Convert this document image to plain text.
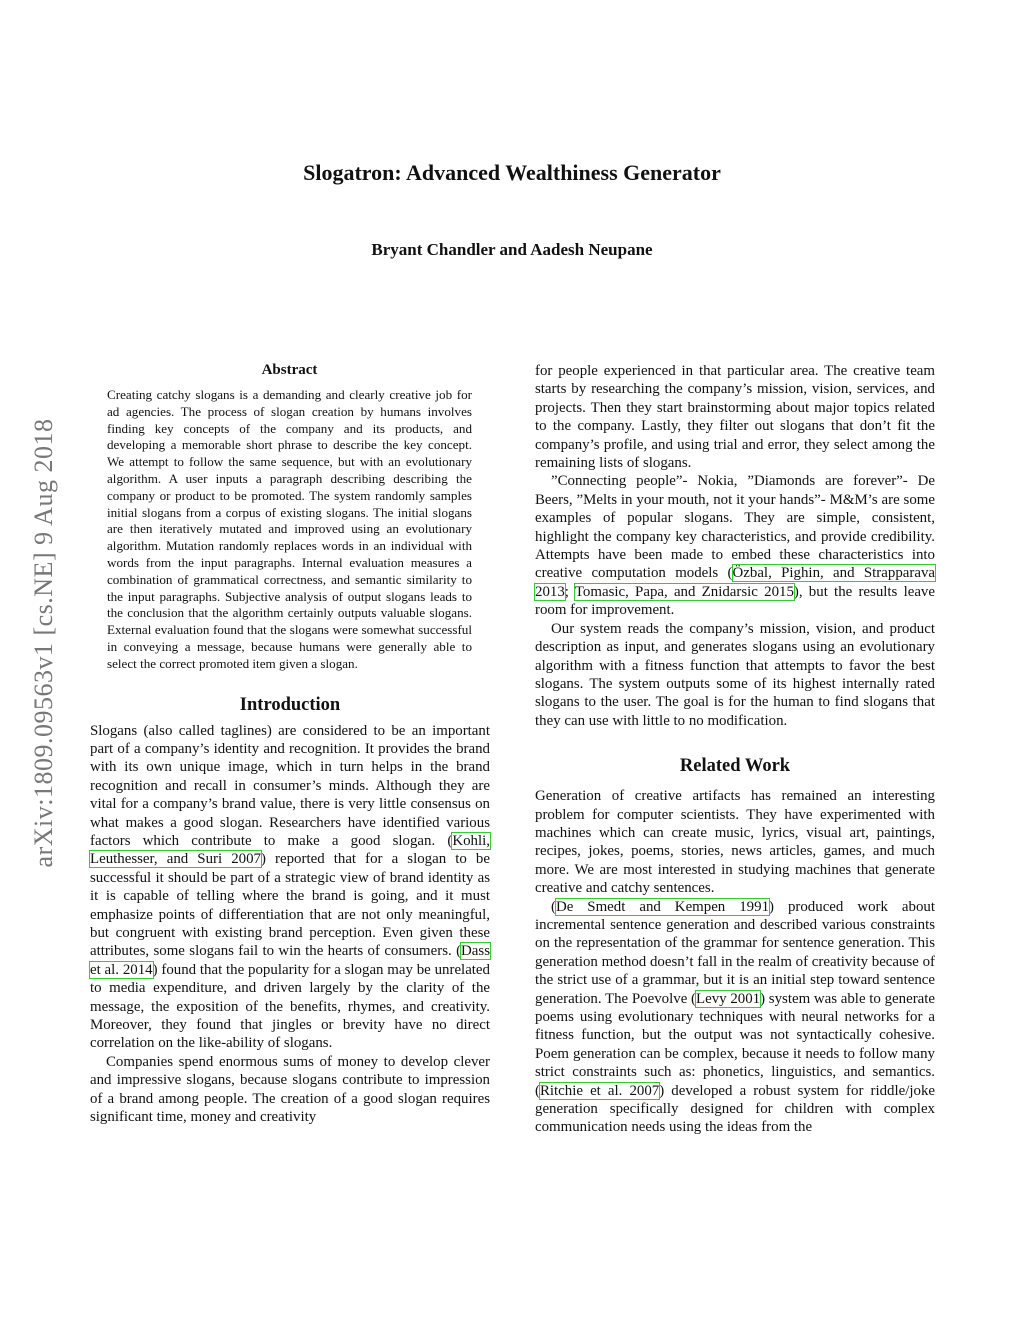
Slogatron: Advanced Wealthiness Generator
Bryant Chandler and Aadesh Neupane
arXiv:1809.09563v1 [cs.NE] 9 Aug 2018
Abstract

Creating catchy slogans is a demanding and clearly creative job for ad agencies. The process of slogan creation by humans involves finding key concepts of the company and its products, and developing a memorable short phrase to describe the key concept. We attempt to follow the same sequence, but with an evolutionary algorithm. A user inputs a paragraph describing describing the company or product to be promoted. The system randomly samples initial slogans from a corpus of existing slogans. The initial slogans are then iteratively mutated and improved using an evolutionary algorithm. Mutation randomly replaces words in an individual with words from the input paragraphs. Internal evaluation measures a combination of grammatical correctness, and semantic similarity to the input paragraphs. Subjective analysis of output slogans leads to the conclusion that the algorithm certainly outputs valuable slogans. External evaluation found that the slogans were somewhat successful in conveying a message, because humans were generally able to select the correct promoted item given a slogan.

Introduction

Slogans (also called taglines) are considered to be an important part of a company’s identity and recognition. It provides the brand with its own unique image, which in turn helps in the brand recognition and recall in consumer’s minds. Although they are vital for a company’s brand value, there is very little consensus on what makes a good slogan. Researchers have identified various factors which contribute to make a good slogan. (Kohli, Leuthesser, and Suri 2007) reported that for a slogan to be successful it should be part of a strategic view of brand identity as it is capable of telling where the brand is going, and it must emphasize points of differentiation that are not only meaningful, but congruent with existing brand perception. Even given these attributes, some slogans fail to win the hearts of consumers. (Dass et al. 2014) found that the popularity for a slogan may be unrelated to media expenditure, and driven largely by the clarity of the message, the exposition of the benefits, rhymes, and creativity. Moreover, they found that jingles or brevity have no direct correlation on the like-ability of slogans.

Companies spend enormous sums of money to develop clever and impressive slogans, because slogans contribute to impression of a brand among people. The creation of a good slogan requires significant time, money and creativity

for people experienced in that particular area. The creative team starts by researching the company’s mission, vision, services, and projects. Then they start brainstorming about major topics related to the company. Lastly, they filter out slogans that don’t fit the company’s profile, and using trial and error, they select among the remaining lists of slogans.

”Connecting people”- Nokia, ”Diamonds are forever”- De Beers, ”Melts in your mouth, not it your hands”- M&M’s are some examples of popular slogans. They are simple, consistent, highlight the company key characteristics, and provide credibility. Attempts have been made to embed these characteristics into creative computation models (Özbal, Pighin, and Strapparava 2013; Tomasic, Papa, and Znidarsic 2015), but the results leave room for improvement.

Our system reads the company’s mission, vision, and product description as input, and generates slogans using an evolutionary algorithm with a fitness function that attempts to favor the best slogans. The system outputs some of its highest internally rated slogans to the user. The goal is for the human to find slogans that they can use with little to no modification.

Related Work

Generation of creative artifacts has remained an interesting problem for computer scientists. They have experimented with machines which can create music, lyrics, visual art, paintings, recipes, jokes, poems, stories, news articles, games, and much more. We are most interested in studying machines that generate creative and catchy sentences.

(De Smedt and Kempen 1991) produced work about incremental sentence generation and described various constraints on the representation of the grammar for sentence generation. This generation method doesn’t fall in the realm of creativity because of the strict use of a grammar, but it is an initial step toward sentence generation. The Poevolve (Levy 2001) system was able to generate poems using evolutionary techniques with neural networks for a fitness function, but the output was not syntactically cohesive. Poem generation can be complex, because it needs to follow many strict constraints such as: phonetics, linguistics, and semantics. (Ritchie et al. 2007) developed a robust system for riddle/joke generation specifically designed for children with complex communication needs using the ideas from the
